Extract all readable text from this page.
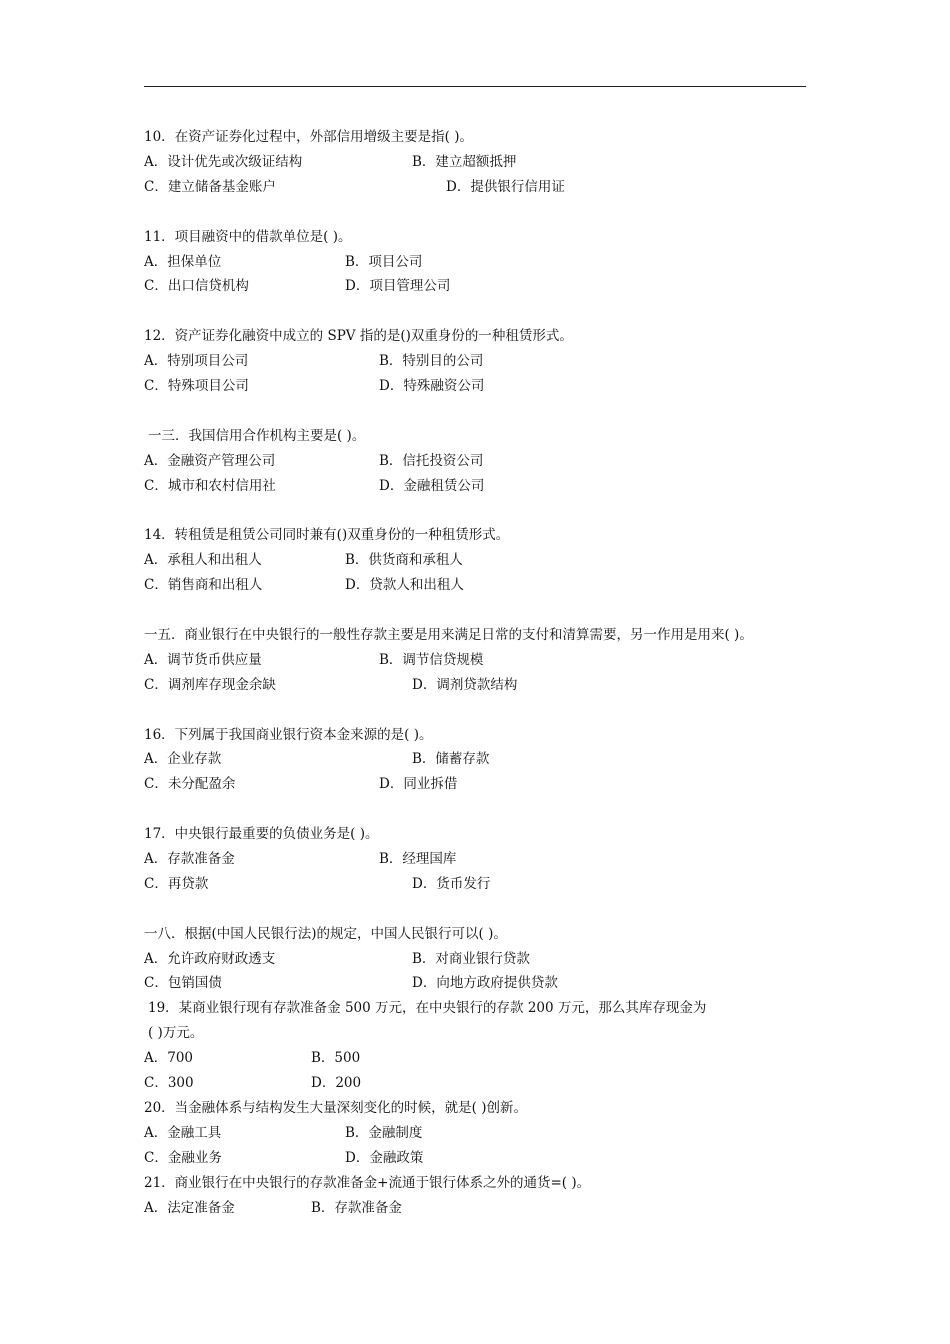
10．在资产证券化过程中，外部信用增级主要是指( )。
A．设计优先或次级证结构	B．建立超额抵押
C．建立储备基金账户	D．提供银行信用证
11．项目融资中的借款单位是( )。
A．担保单位	B．项目公司
C．出口信贷机构	D．项目管理公司
12．资产证券化融资中成立的 SPV 指的是()双重身份的一种租赁形式。
A．特别项目公司	B．特别目的公司
C．特殊项目公司	D．特殊融资公司
一三．我国信用合作机构主要是( )。
A．金融资产管理公司	B．信托投资公司
C．城市和农村信用社	D．金融租赁公司
14．转租赁是租赁公司同时兼有()双重身份的一种租赁形式。
A．承租人和出租人	B．供货商和承租人
C．销售商和出租人	D．贷款人和出租人
一五．商业银行在中央银行的一般性存款主要是用来满足日常的支付和清算需要，另一作用是用来( )。
A．调节货币供应量	B．调节信贷规模
C．调剂库存现金余缺	D．调剂贷款结构
16．下列属于我国商业银行资本金来源的是( )。
A．企业存款	B．储蓄存款
C．未分配盈余	D．同业拆借
17．中央银行最重要的负债业务是( )。
A．存款准备金	B．经理国库
C．再贷款	D．货币发行
一八．根据(中国人民银行法)的规定，中国人民银行可以( )。
A．允许政府财政透支	B．对商业银行贷款
C．包销国债	D．向地方政府提供贷款
19．某商业银行现有存款准备金 500 万元，在中央银行的存款 200 万元，那么其库存现金为
( )万元。
A．700	B．500
C．300	D．200
20．当金融体系与结构发生大量深刻变化的时候，就是( )创新。
A．金融工具	B．金融制度
C．金融业务	D．金融政策
21．商业银行在中央银行的存款准备金+流通于银行体系之外的通货=( )。
A．法定准备金	B．存款准备金
